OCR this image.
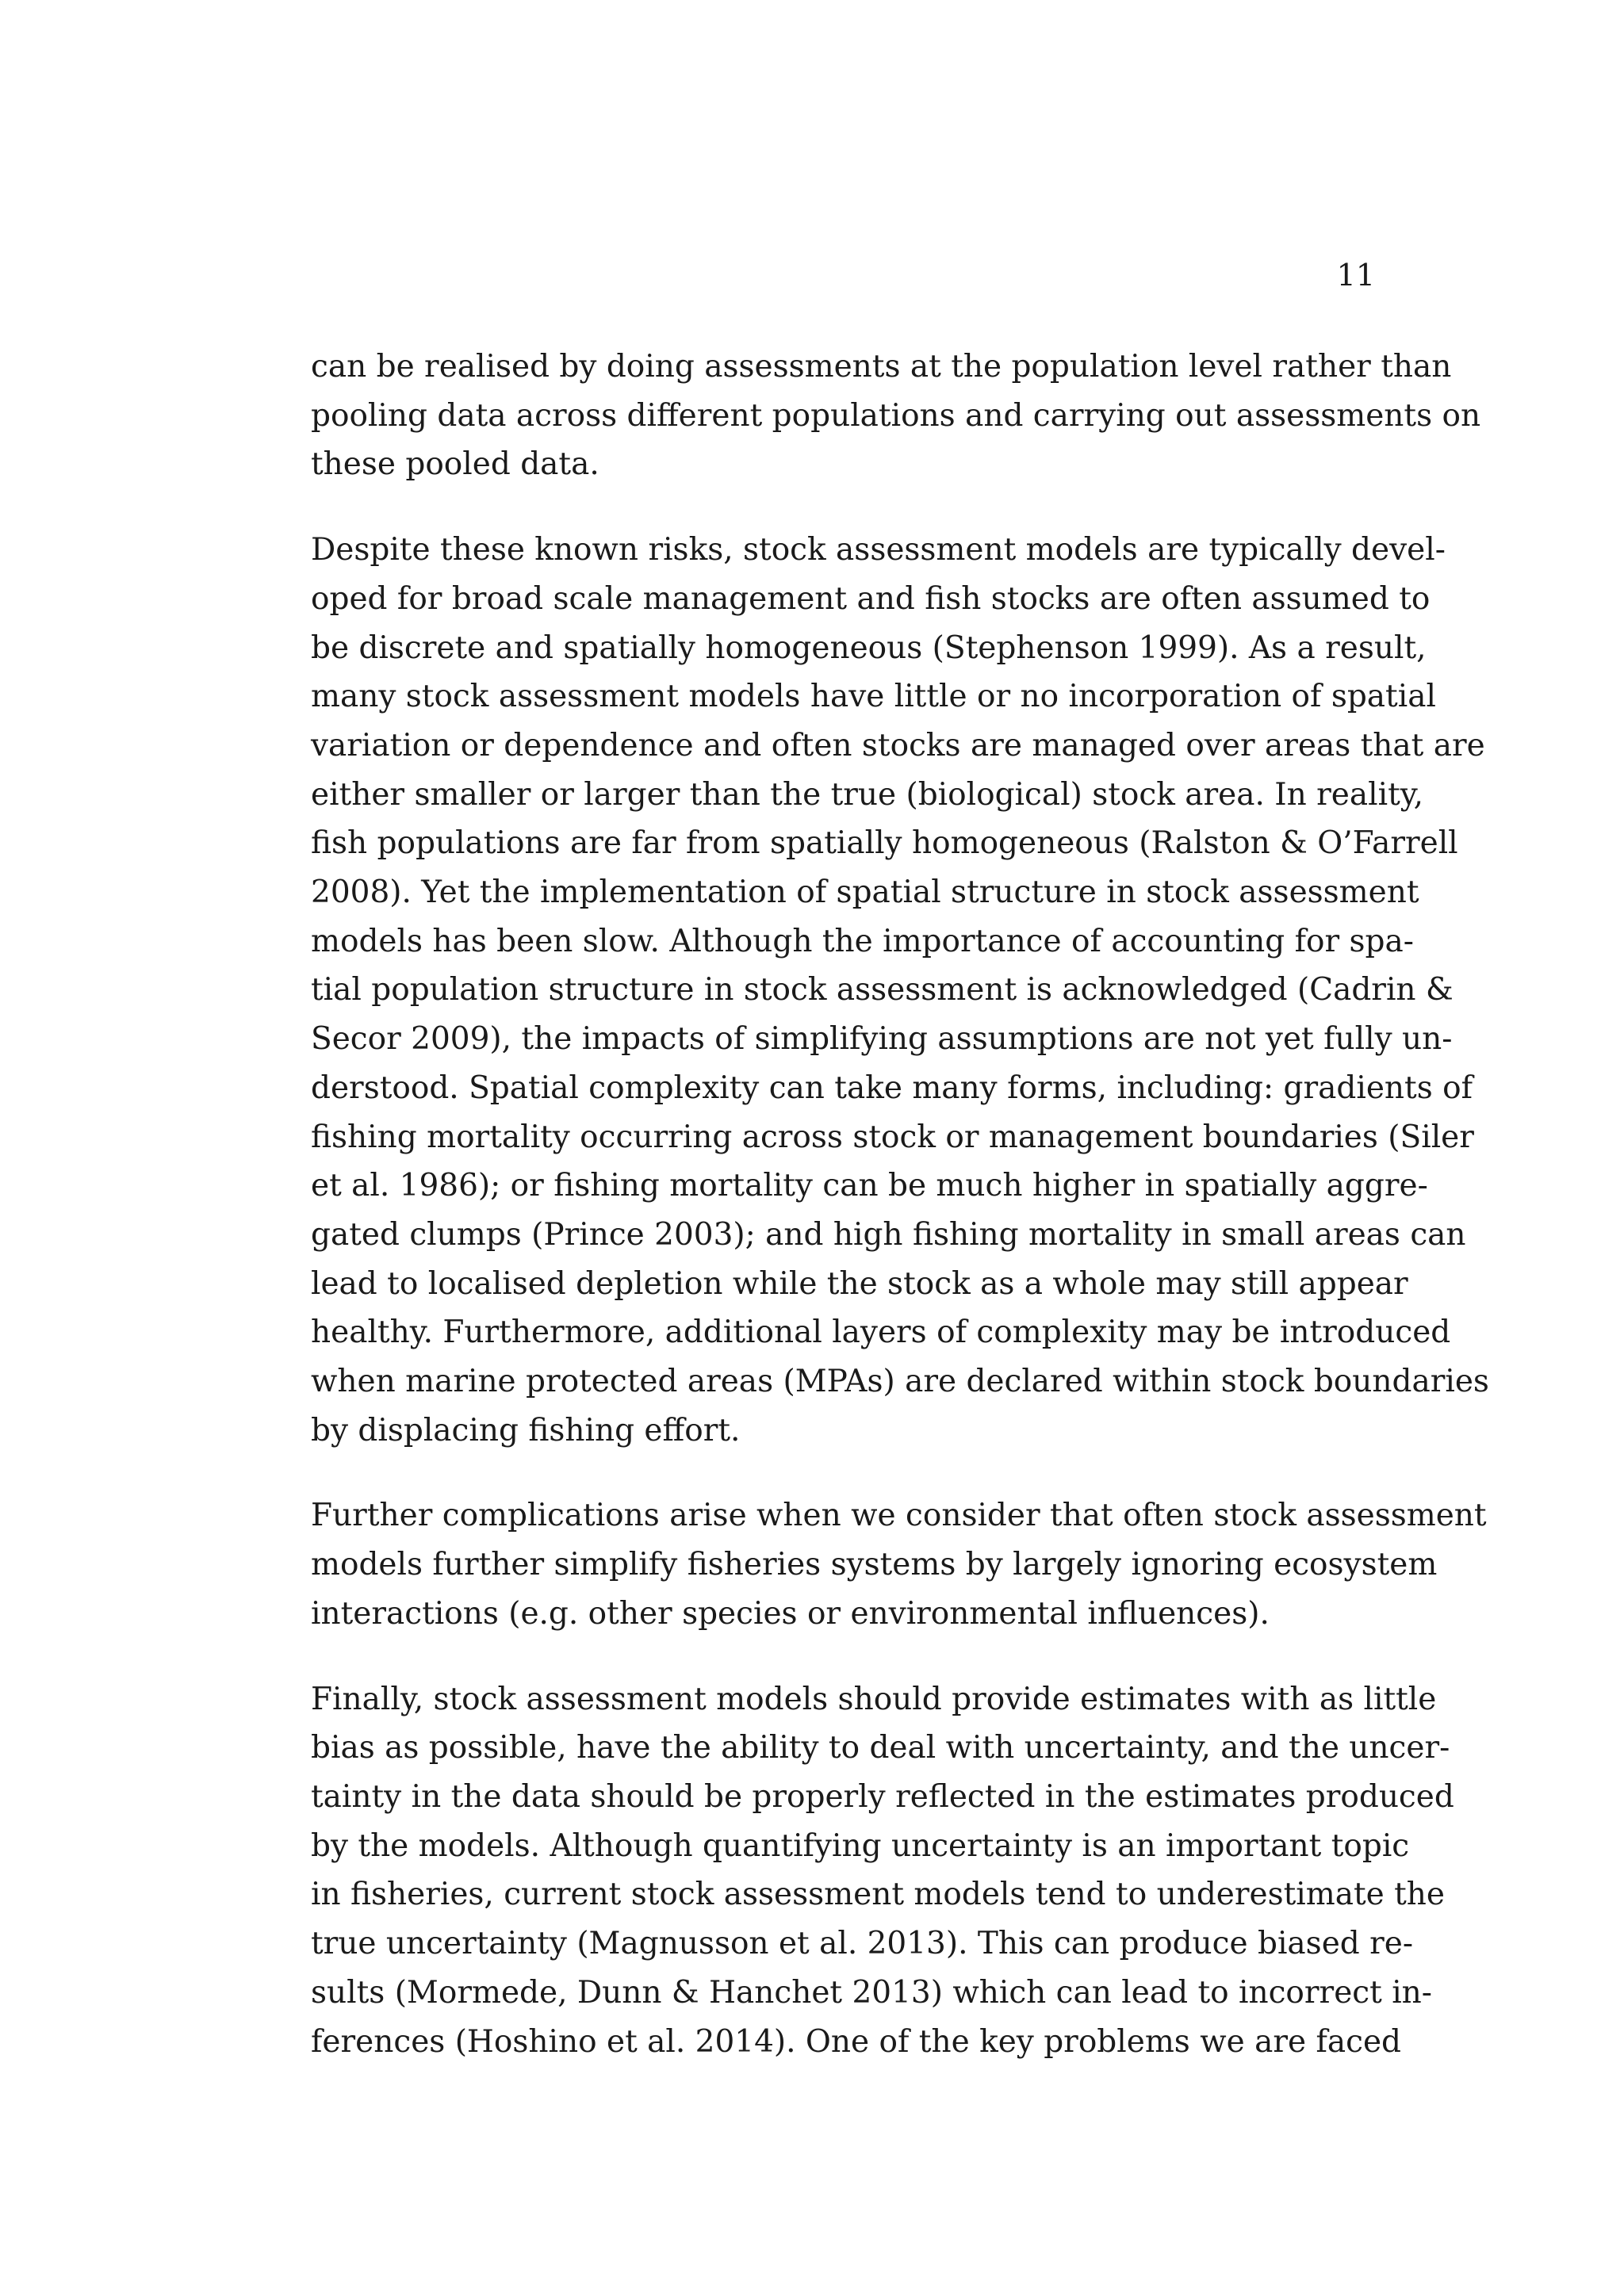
11

can be realised by doing assessments at the population level rather than
pooling data across different populations and carrying out assessments on
these pooled data.

Despite these known risks, stock assessment models are typically devel-
oped for broad scale management and fish stocks are often assumed to
be discrete and spatially homogeneous (Stephenson 1999). As a result,
many stock assessment models have little or no incorporation of spatial
variation or dependence and often stocks are managed over areas that are
either smaller or larger than the true (biological) stock area. In reality,
fish populations are far from spatially homogeneous (Ralston & O’Farrell
2008). Yet the implementation of spatial structure in stock assessment
models has been slow. Although the importance of accounting for spa-
tial population structure in stock assessment is acknowledged (Cadrin &
Secor 2009), the impacts of simplifying assumptions are not yet fully un-
derstood. Spatial complexity can take many forms, including: gradients of
fishing mortality occurring across stock or management boundaries (Siler
et al. 1986); or fishing mortality can be much higher in spatially aggre-
gated clumps (Prince 2003); and high fishing mortality in small areas can
lead to localised depletion while the stock as a whole may still appear
healthy. Furthermore, additional layers of complexity may be introduced
when marine protected areas (MPAs) are declared within stock boundaries
by displacing fishing effort.

Further complications arise when we consider that often stock assessment
models further simplify fisheries systems by largely ignoring ecosystem
interactions (e.g. other species or environmental influences).

Finally, stock assessment models should provide estimates with as little
bias as possible, have the ability to deal with uncertainty, and the uncer-
tainty in the data should be properly reflected in the estimates produced
by the models. Although quantifying uncertainty is an important topic
in fisheries, current stock assessment models tend to underestimate the
true uncertainty (Magnusson et al. 2013). This can produce biased re-
sults (Mormede, Dunn & Hanchet 2013) which can lead to incorrect in-
ferences (Hoshino et al. 2014). One of the key problems we are faced
